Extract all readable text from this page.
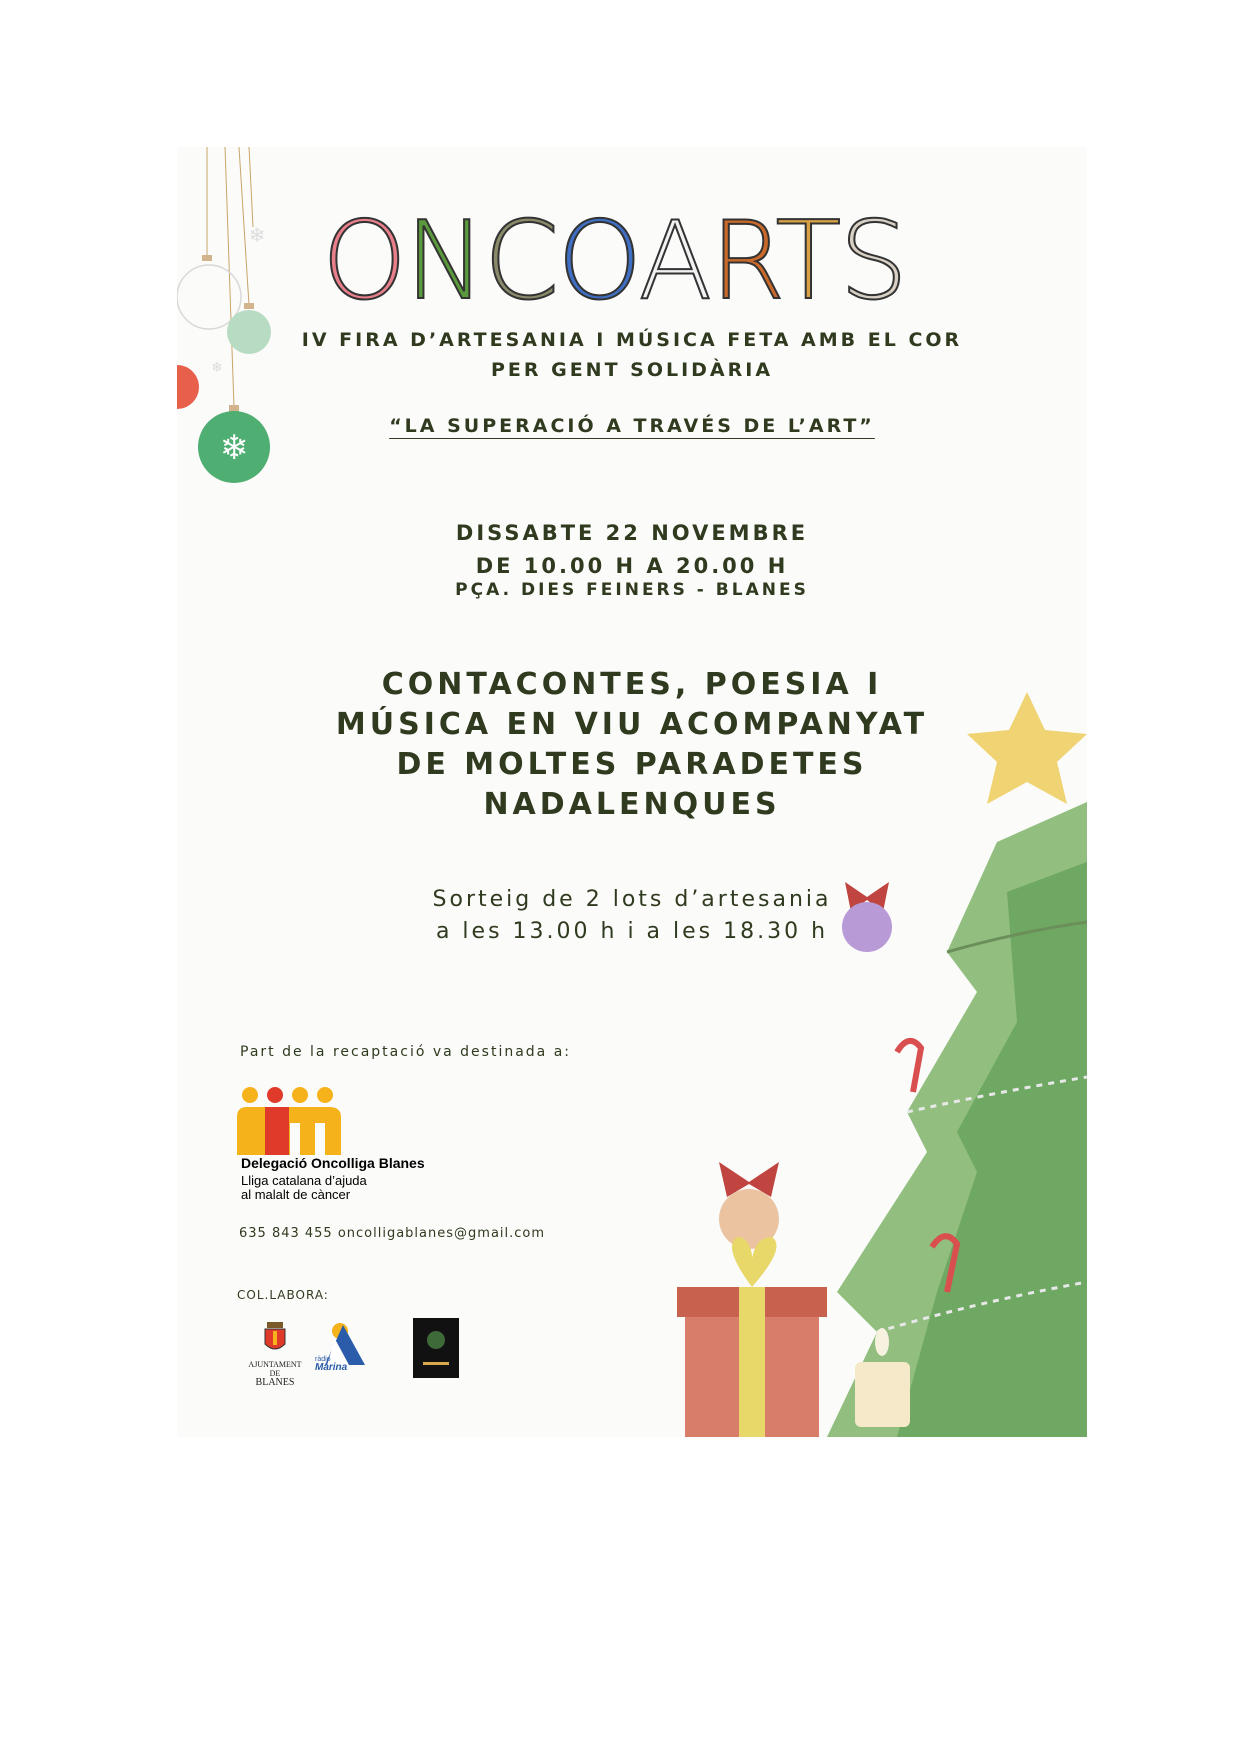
❄
❄
❄
ONCOARTS
IV FIRA D’ARTESANIA I MÚSICA FETA AMB EL COR
PER GENT SOLIDÀRIA
“LA SUPERACIÓ A TRAVÉS DE L’ART”
DISSABTE 22 NOVEMBRE
DE 10.00 H A 20.00 H
PÇA. DIES FEINERS - BLANES
CONTACONTES, POESIA I
MÚSICA EN VIU ACOMPANYAT
DE MOLTES PARADETES
NADALENQUES
Sorteig de 2 lots d’artesania
a les 13.00 h i a les 18.30 h
Part de la recaptació va destinada a:
Delegació Oncolliga Blanes
Lliga catalana d’ajuda
al malalt de càncer
635 843 455 oncolligablanes@gmail.com
COL.LABORA:
AJUNTAMENT DE
BLANES
ràdio
Marina
